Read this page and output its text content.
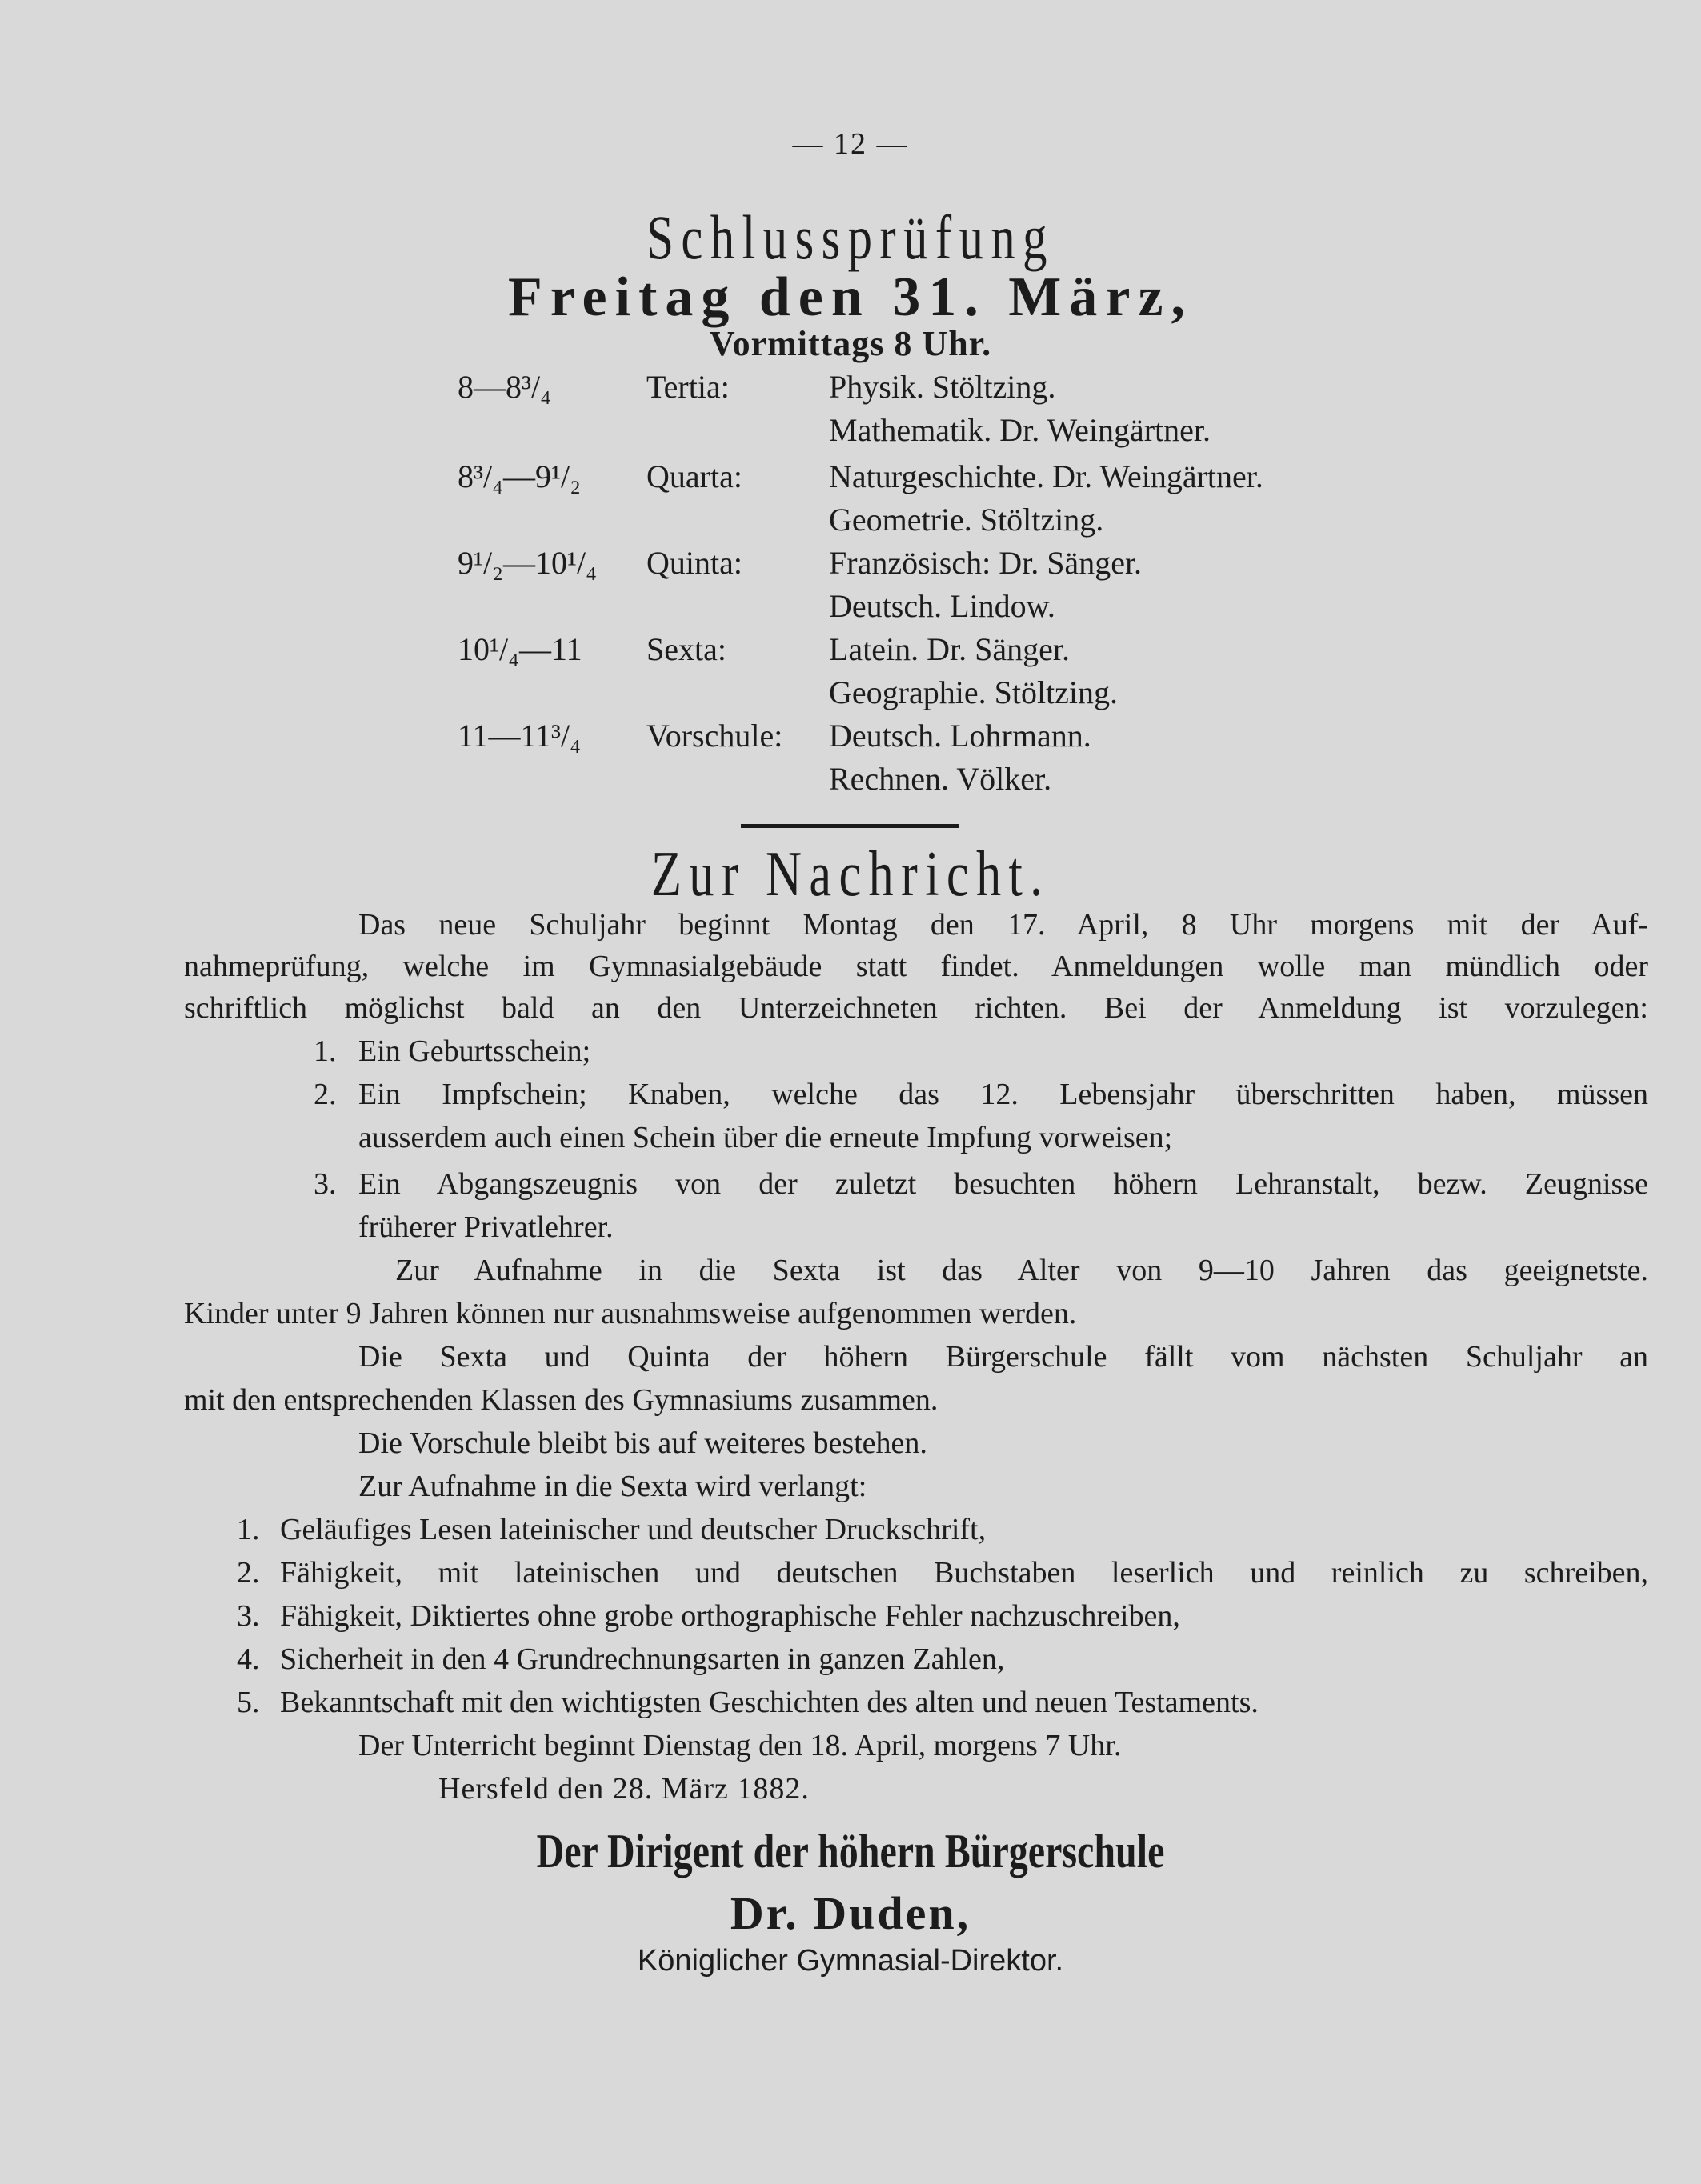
— 12 —
Schlussprüfung
Freitag den 31. März,
Vormittags 8 Uhr.
8—8³/₄	Tertia:	Physik. Stöltzing.
Mathematik. Dr. Weingärtner.
8³/₄—9¹/₂ Quarta:	Naturgeschichte. Dr. Weingärtner.
Geometrie. Stöltzing.
9¹/₂—10¹/₄ Quinta:	Französisch: Dr. Sänger.
Deutsch. Lindow.
10¹/₄—11 Sexta:	Latein. Dr. Sänger.
Geographie. Stöltzing.
11—11³/₄ Vorschule: Deutsch. Lohrmann.
Rechnen. Völker.
Zur Nachricht.
Das neue Schuljahr beginnt Montag den 17. April, 8 Uhr morgens mit der Auf-
nahmeprüfung, welche im Gymnasialgebäude statt findet. Anmeldungen wolle man mündlich oder
schriftlich möglichst bald an den Unterzeichneten richten. Bei der Anmeldung ist vorzulegen:
1. Ein Geburtsschein;
2. Ein Impfschein; Knaben, welche das 12. Lebensjahr überschritten haben, müssen
ausserdem auch einen Schein über die erneute Impfung vorweisen;
3. Ein Abgangszeugnis von der zuletzt besuchten höhern Lehranstalt, bezw. Zeugnisse
früherer Privatlehrer.
Zur Aufnahme in die Sexta ist das Alter von 9—10 Jahren das geeignetste.
Kinder unter 9 Jahren können nur ausnahmsweise aufgenommen werden.
Die Sexta und Quinta der höhern Bürgerschule fällt vom nächsten Schuljahr an
mit den entsprechenden Klassen des Gymnasiums zusammen.
Die Vorschule bleibt bis auf weiteres bestehen.
Zur Aufnahme in die Sexta wird verlangt:
1. Geläufiges Lesen lateinischer und deutscher Druckschrift,
2. Fähigkeit, mit lateinischen und deutschen Buchstaben leserlich und reinlich zu schreiben,
3. Fähigkeit, Diktiertes ohne grobe orthographische Fehler nachzuschreiben,
4. Sicherheit in den 4 Grundrechnungsarten in ganzen Zahlen,
5. Bekanntschaft mit den wichtigsten Geschichten des alten und neuen Testaments.
Der Unterricht beginnt Dienstag den 18. April, morgens 7 Uhr.
Hersfeld den 28. März 1882.
Der Dirigent der höhern Bürgerschule
Dr. Duden,
Königlicher Gymnasial-Direktor.
